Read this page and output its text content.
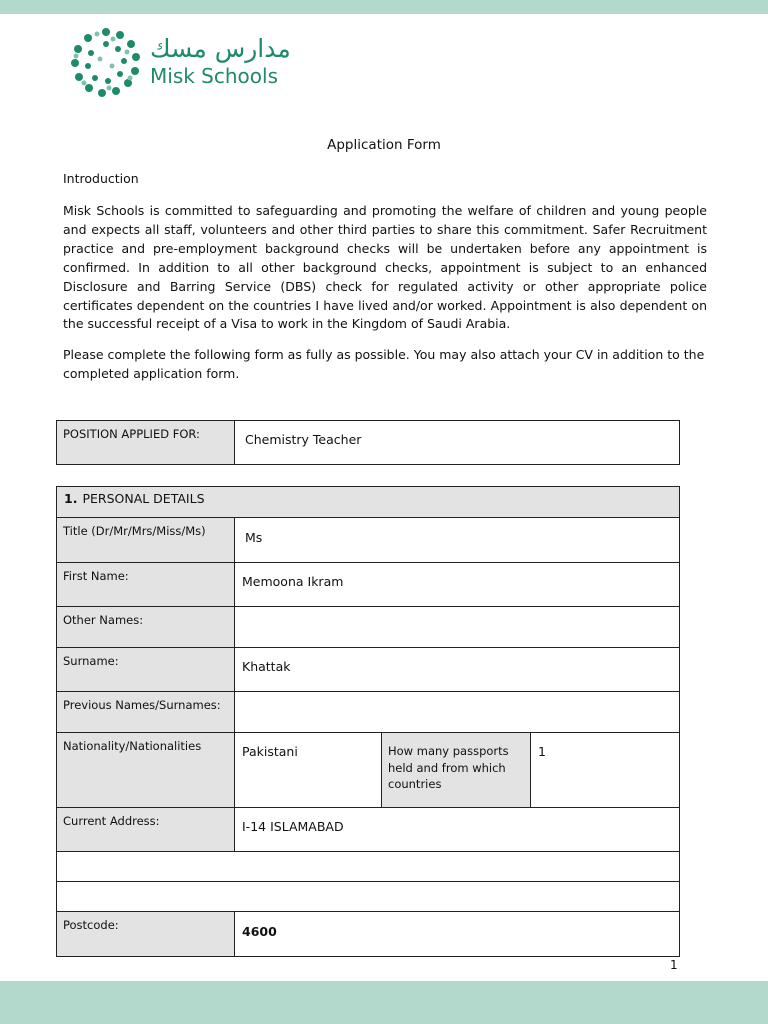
مدارس مسك
Misk Schools
Application Form
Introduction

Misk Schools is committed to safeguarding and promoting the welfare of children and young people and expects all staff, volunteers and other third parties to share this commitment. Safer Recruitment practice and pre-employment background checks will be undertaken before any appointment is confirmed. In addition to all other background checks, appointment is subject to an enhanced Disclosure and Barring Service (DBS) check for regulated activity or other appropriate police certificates dependent on the countries I have lived and/or worked. Appointment is also dependent on the successful receipt of a Visa to work in the Kingdom of Saudi Arabia.

Please complete the following form as fully as possible. You may also attach your CV in addition to the completed application form.

POSITION APPLIED FOR:	Chemistry Teacher
1. PERSONAL DETAILS			
Title (Dr/Mr/Mrs/Miss/Ms)	Ms		
First Name:	Memoona Ikram		
Other Names:			
Surname:	Khattak		
Previous Names/Surnames:			
Nationality/Nationalities	Pakistani	How many passports held and from which countries	1
Current Address:	I-14 ISLAMABAD		

Postcode:	4600		
1
